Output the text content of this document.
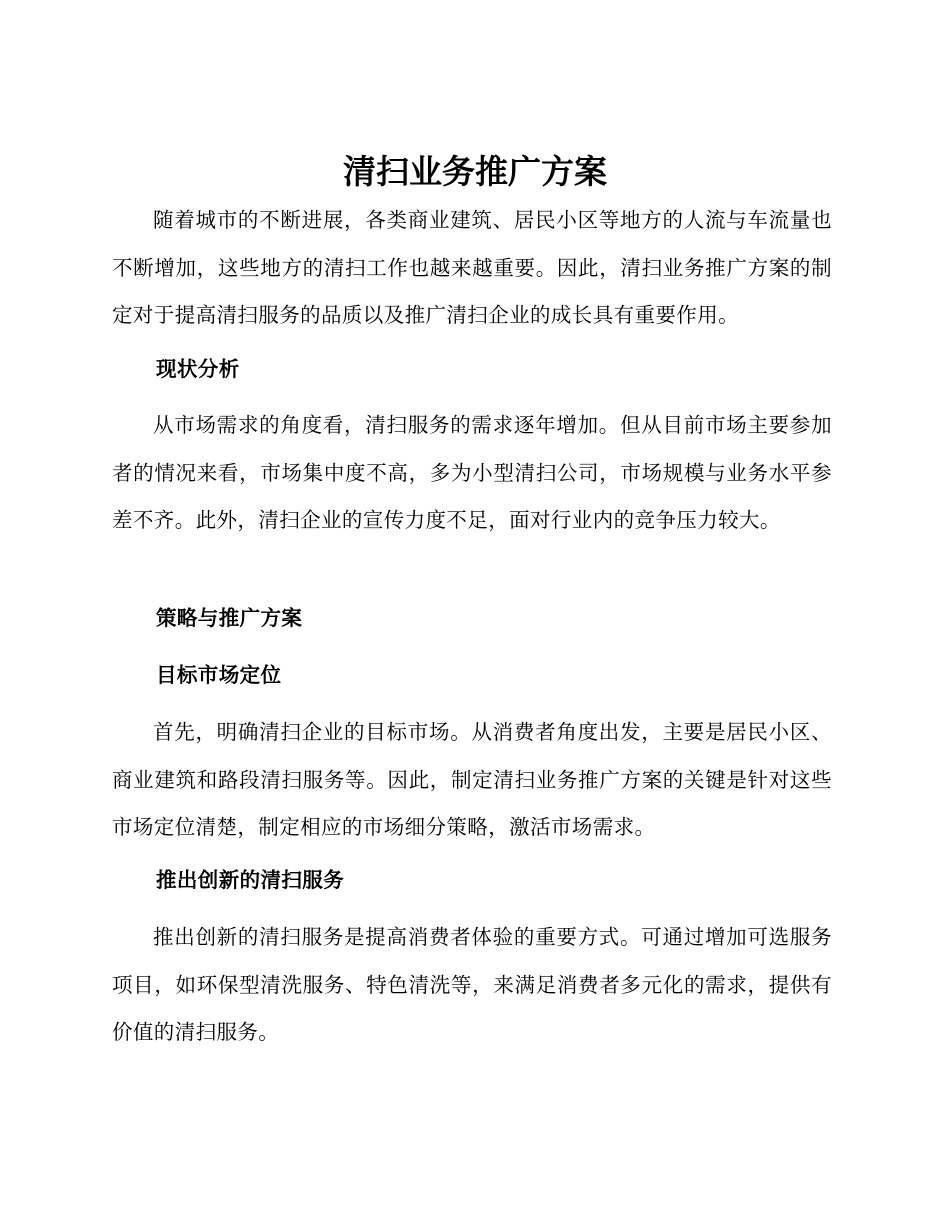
清扫业务推广方案

随着城市的不断进展，各类商业建筑、居民小区等地方的人流与车流量也不断增加，这些地方的清扫工作也越来越重要。因此，清扫业务推广方案的制定对于提高清扫服务的品质以及推广清扫企业的成长具有重要作用。

现状分析

从市场需求的角度看，清扫服务的需求逐年增加。但从目前市场主要参加者的情况来看，市场集中度不高，多为小型清扫公司，市场规模与业务水平参差不齐。此外，清扫企业的宣传力度不足，面对行业内的竞争压力较大。

策略与推广方案
目标市场定位

首先，明确清扫企业的目标市场。从消费者角度出发，主要是居民小区、商业建筑和路段清扫服务等。因此，制定清扫业务推广方案的关键是针对这些市场定位清楚，制定相应的市场细分策略，激活市场需求。

推出创新的清扫服务

推出创新的清扫服务是提高消费者体验的重要方式。可通过增加可选服务项目，如环保型清洗服务、特色清洗等，来满足消费者多元化的需求，提供有价值的清扫服务。
